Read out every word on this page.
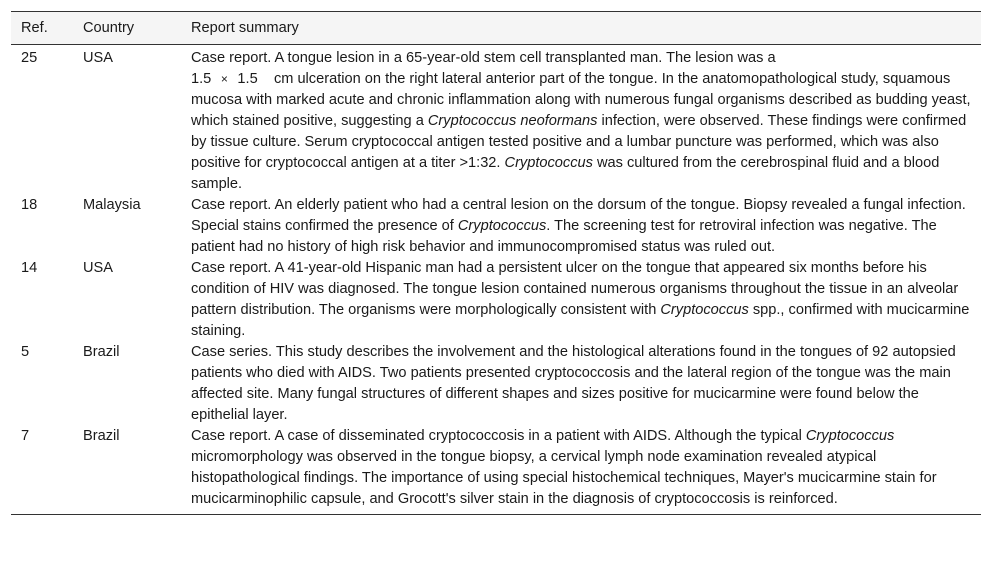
Ref.	Country	Report summary
25	USA	Case report. A tongue lesion in a 65-year-old stem cell transplanted man. The lesion was a
1.5 × 1.5 cm ulceration on the right lateral anterior part of the tongue. In the anatomopathological study, squamous mucosa with marked acute and chronic inflammation along with numerous fungal organisms described as budding yeast, which stained positive, suggesting a Cryptococcus neoformans infection, were observed. These findings were confirmed by tissue culture. Serum cryptococcal antigen tested positive and a lumbar puncture was performed, which was also positive for cryptococcal antigen at a titer >1:32. Cryptococcus was cultured from the cerebrospinal fluid and a blood sample.
18	Malaysia	Case report. An elderly patient who had a central lesion on the dorsum of the tongue. Biopsy revealed a fungal infection. Special stains confirmed the presence of Cryptococcus. The screening test for retroviral infection was negative. The patient had no history of high risk behavior and immunocompromised status was ruled out.
14	USA	Case report. A 41-year-old Hispanic man had a persistent ulcer on the tongue that appeared six months before his condition of HIV was diagnosed. The tongue lesion contained numerous organisms throughout the tissue in an alveolar pattern distribution. The organisms were morphologically consistent with Cryptococcus spp., confirmed with mucicarmine staining.
5	Brazil	Case series. This study describes the involvement and the histological alterations found in the tongues of 92 autopsied patients who died with AIDS. Two patients presented cryptococcosis and the lateral region of the tongue was the main affected site. Many fungal structures of different shapes and sizes positive for mucicarmine were found below the epithelial layer.
7	Brazil	Case report. A case of disseminated cryptococcosis in a patient with AIDS. Although the typical Cryptococcus micromorphology was observed in the tongue biopsy, a cervical lymph node examination revealed atypical histopathological findings. The importance of using special histochemical techniques, Mayer's mucicarmine stain for mucicarminophilic capsule, and Grocott's silver stain in the diagnosis of cryptococcosis is reinforced.
